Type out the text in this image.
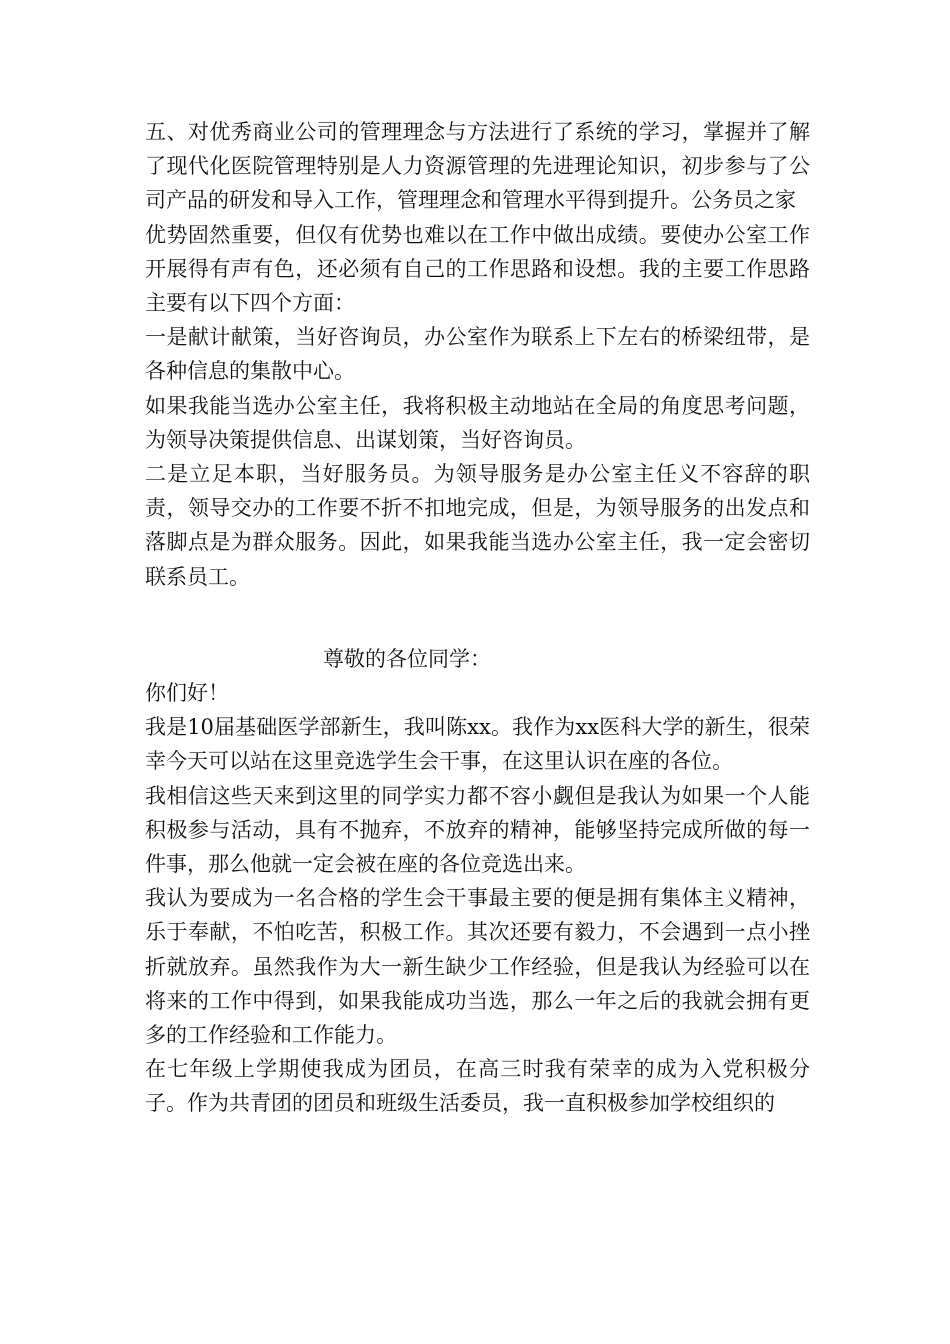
五、对优秀商业公司的管理理念与方法进行了系统的学习，掌握并了解了现代化医院管理特别是人力资源管理的先进理论知识，初步参与了公司产品的研发和导入工作，管理理念和管理水平得到提升。公务员之家

优势固然重要，但仅有优势也难以在工作中做出成绩。要使办公室工作开展得有声有色，还必须有自己的工作思路和设想。我的主要工作思路主要有以下四个方面：

一是献计献策，当好咨询员，办公室作为联系上下左右的桥梁纽带，是各种信息的集散中心。

如果我能当选办公室主任，我将积极主动地站在全局的角度思考问题，为领导决策提供信息、出谋划策，当好咨询员。

二是立足本职，当好服务员。为领导服务是办公室主任义不容辞的职责，领导交办的工作要不折不扣地完成，但是，为领导服务的出发点和落脚点是为群众服务。因此，如果我能当选办公室主任，我一定会密切联系员工。

尊敬的各位同学：

你们好！

我是10届基础医学部新生，我叫陈xx。我作为xx医科大学的新生，很荣幸今天可以站在这里竞选学生会干事，在这里认识在座的各位。

我相信这些天来到这里的同学实力都不容小觑但是我认为如果一个人能积极参与活动，具有不抛弃，不放弃的精神，能够坚持完成所做的每一件事，那么他就一定会被在座的各位竞选出来。

我认为要成为一名合格的学生会干事最主要的便是拥有集体主义精神，乐于奉献，不怕吃苦，积极工作。其次还要有毅力，不会遇到一点小挫折就放弃。虽然我作为大一新生缺少工作经验，但是我认为经验可以在将来的工作中得到，如果我能成功当选，那么一年之后的我就会拥有更多的工作经验和工作能力。

在七年级上学期使我成为团员，在高三时我有荣幸的成为入党积极分子。作为共青团的团员和班级生活委员，我一直积极参加学校组织的
